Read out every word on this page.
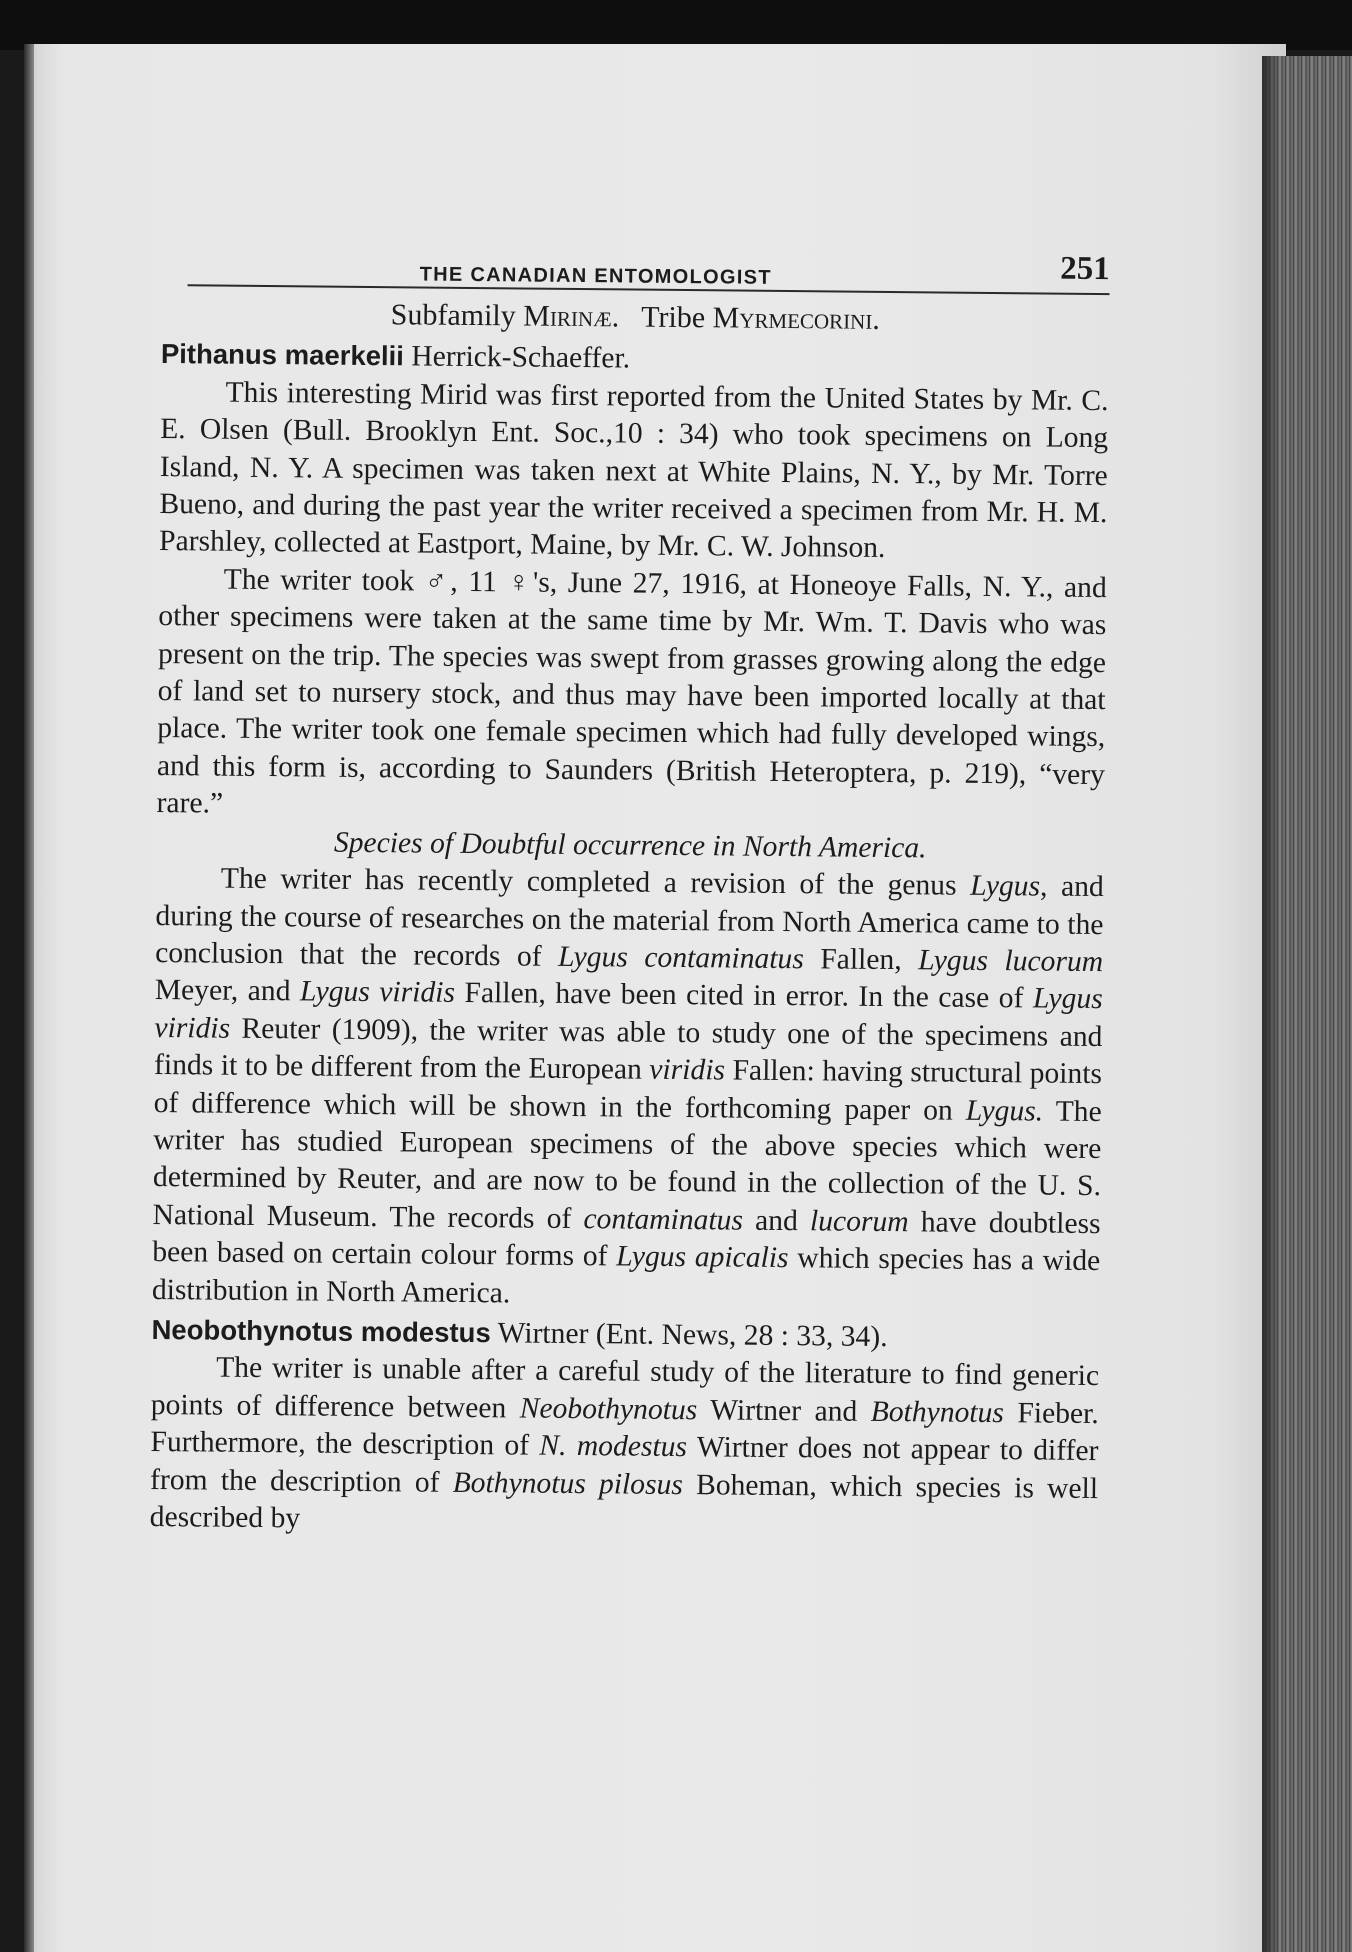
THE CANADIAN ENTOMOLOGIST	251

Subfamily Mirinæ. Tribe Myrmecorini.

Pithanus maerkelii Herrick-Schaeffer.

This interesting Mirid was first reported from the United States by Mr. C. E. Olsen (Bull. Brooklyn Ent. Soc.,10 : 34) who took specimens on Long Island, N. Y. A specimen was taken next at White Plains, N. Y., by Mr. Torre Bueno, and during the past year the writer received a specimen from Mr. H. M. Parshley, collected at Eastport, Maine, by Mr. C. W. Johnson.

The writer took ♂, 11 ♀'s, June 27, 1916, at Honeoye Falls, N. Y., and other specimens were taken at the same time by Mr. Wm. T. Davis who was present on the trip. The species was swept from grasses growing along the edge of land set to nursery stock, and thus may have been imported locally at that place. The writer took one female specimen which had fully developed wings, and this form is, according to Saunders (British Heteroptera, p. 219), “very rare.”

Species of Doubtful occurrence in North America.

The writer has recently completed a revision of the genus Lygus, and during the course of researches on the material from North America came to the conclusion that the records of Lygus contaminatus Fallen, Lygus lucorum Meyer, and Lygus viridis Fallen, have been cited in error. In the case of Lygus viridis Reuter (1909), the writer was able to study one of the specimens and finds it to be different from the European viridis Fallen: having structural points of difference which will be shown in the forthcoming paper on Lygus. The writer has studied European specimens of the above species which were determined by Reuter, and are now to be found in the collection of the U. S. National Museum. The records of contaminatus and lucorum have doubtless been based on certain colour forms of Lygus apicalis which species has a wide distribution in North America.

Neobothynotus modestus Wirtner (Ent. News, 28 : 33, 34).

The writer is unable after a careful study of the literature to find generic points of difference between Neobothynotus Wirtner and Bothynotus Fieber. Furthermore, the description of N. modestus Wirtner does not appear to differ from the description of Bothynotus pilosus Boheman, which species is well described by
